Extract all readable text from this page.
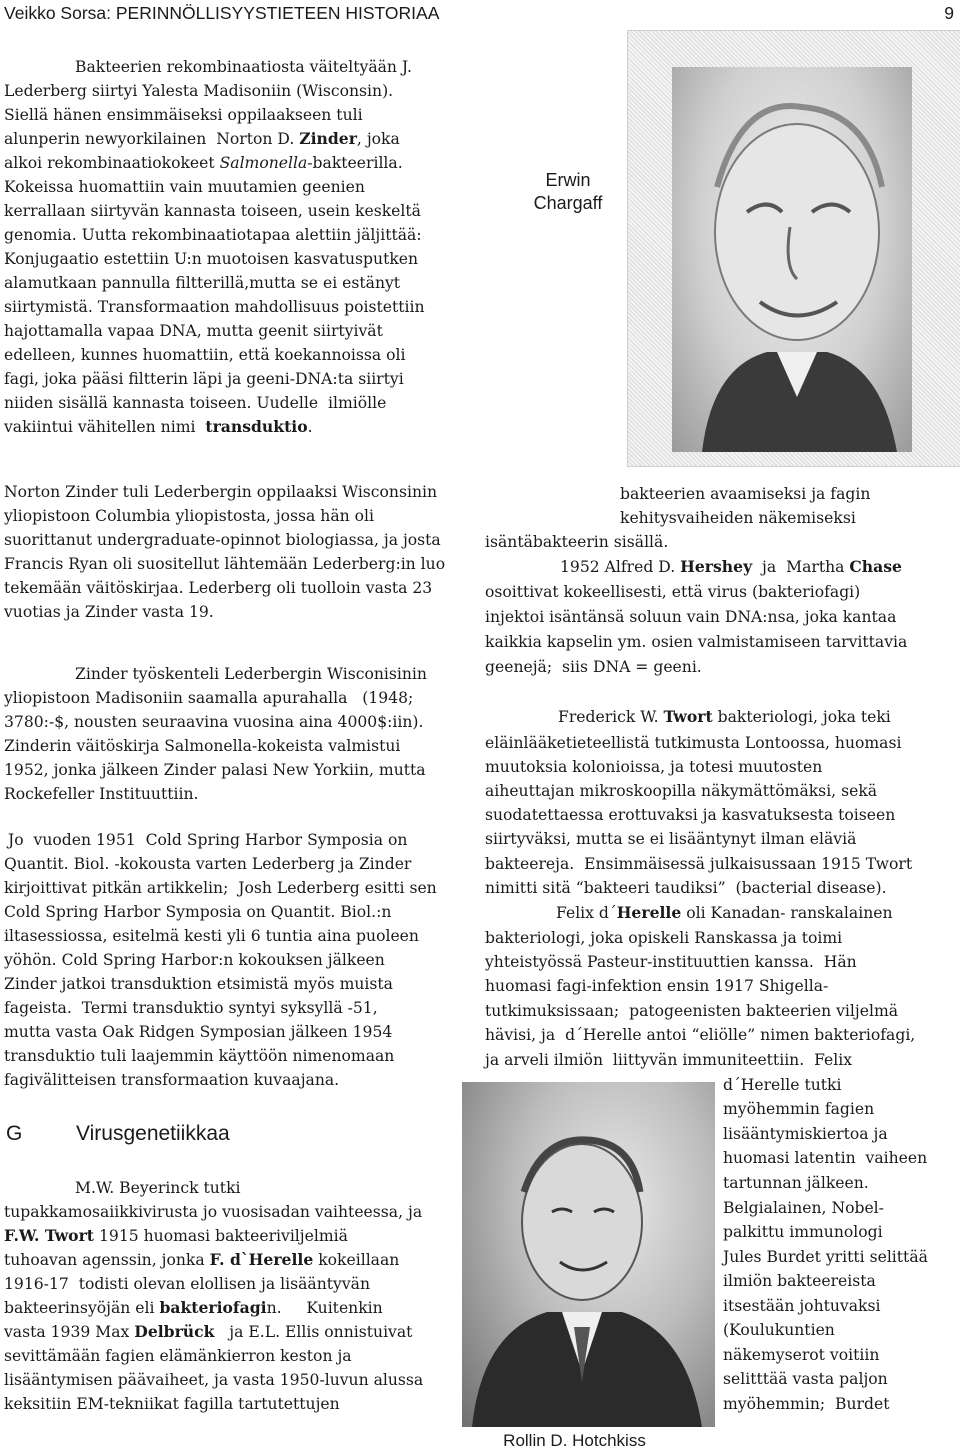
Veikko Sorsa: PERINNÖLLISYYSTIETEEN HISTORIAA	9
Erwin
Chargaff
Rollin D. Hotchkiss
Bakteerien rekombinaatiosta väiteltyään J.
Lederberg siirtyi Yalesta Madisoniin (Wisconsin).
Siellä hänen ensimmäiseksi oppilaakseen tuli
alunperin newyorkilainen  Norton D. Zinder, joka
alkoi rekombinaatiokokeet Salmonella-bakteerilla.
Kokeissa huomattiin vain muutamien geenien
kerrallaan siirtyvän kannasta toiseen, usein keskeltä
genomia. Uutta rekombinaatiotapaa alettiin jäljittää:
Konjugaatio estettiin U:n muotoisen kasvatusputken
alamutkaan pannulla filtterillä,mutta se ei estänyt
siirtymistä. Transformaation mahdollisuus poistettiin
hajottamalla vapaa DNA, mutta geenit siirtyivät
edelleen, kunnes huomattiin, että koekannoissa oli
fagi, joka pääsi filtterin läpi ja geeni-DNA:ta siirtyi
niiden sisällä kannasta toiseen. Uudelle  ilmiölle
vakiintui vähitellen nimi  transduktio.
Norton Zinder tuli Lederbergin oppilaaksi Wisconsinin
yliopistoon Columbia yliopistosta, jossa hän oli
suorittanut undergraduate-opinnot biologiassa, ja josta
Francis Ryan oli suositellut lähtemään Lederberg:in luo
tekemään väitöskirjaa. Lederberg oli tuolloin vasta 23
vuotias ja Zinder vasta 19.
Zinder työskenteli Lederbergin Wisconisinin
yliopistoon Madisoniin saamalla apurahalla   (1948;
3780:-$, nousten seuraavina vuosina aina 4000$:iin).
Zinderin väitöskirja Salmonella-kokeista valmistui
1952, jonka jälkeen Zinder palasi New Yorkiin, mutta
Rockefeller Instituuttiin.
Jo  vuoden 1951  Cold Spring Harbor Symposia on
Quantit. Biol. -kokousta varten Lederberg ja Zinder
kirjoittivat pitkän artikkelin;  Josh Lederberg esitti sen
Cold Spring Harbor Symposia on Quantit. Biol.:n
iltasessiossa, esitelmä kesti yli 6 tuntia aina puoleen
yöhön. Cold Spring Harbor:n kokouksen jälkeen
Zinder jatkoi transduktion etsimistä myös muista
fageista.  Termi transduktio syntyi syksyllä -51,
mutta vasta Oak Ridgen Symposian jälkeen 1954
transduktio tuli laajemmin käyttöön nimenomaan
fagivälitteisen transformaation kuvaajana.
G	Virusgenetiikkaa
M.W. Beyerinck tutki
tupakkamosaiikkivirusta jo vuosisadan vaihteessa, ja
F.W. Twort 1915 huomasi bakteeriviljelmiä
tuhoavan agenssin, jonka F. d`Herelle kokeillaan
1916-17  todisti olevan elollisen ja lisääntyvän
bakteerinsyöjän eli bakteriofagin.     Kuitenkin
vasta 1939 Max Delbrück   ja E.L. Ellis onnistuivat
sevittämään fagien elämänkierron keston ja
lisääntymisen päävaiheet, ja vasta 1950-luvun alussa
keksitiin EM-tekniikat fagilla tartutettujen
bakteerien avaamiseksi ja fagin
kehitysvaiheiden näkemiseksi
isäntäbakteerin sisällä.
1952 Alfred D. Hershey  ja  Martha Chase
osoittivat kokeellisesti, että virus (bakteriofagi)
injektoi isäntänsä soluun vain DNA:nsa, joka kantaa
kaikkia kapselin ym. osien valmistamiseen tarvittavia
geenejä;  siis DNA = geeni.
Frederick W. Twort bakteriologi, joka teki
eläinlääketieteellistä tutkimusta Lontoossa, huomasi
muutoksia kolonioissa, ja totesi muutosten
aiheuttajan mikroskoopilla näkymättömäksi, sekä
suodatettaessa erottuvaksi ja kasvatuksesta toiseen
siirtyväksi, mutta se ei lisääntynyt ilman eläviä
bakteereja.  Ensimmäisessä julkaisussaan 1915 Twort
nimitti sitä “bakteeri taudiksi”  (bacterial disease).
Felix d´Herelle oli Kanadan- ranskalainen
bakteriologi, joka opiskeli Ranskassa ja toimi
yhteistyössä Pasteur-instituuttien kanssa.  Hän
huomasi fagi-infektion ensin 1917 Shigella-
tutkimuksissaan;  patogeenisten bakteerien viljelmä
hävisi, ja  d´Herelle antoi “eliölle” nimen bakteriofagi,
ja arveli ilmiön  liittyvän immuniteettiin.  Felix
d´Herelle tutki
myöhemmin fagien
lisääntymiskiertoa ja
huomasi latentin  vaiheen
tartunnan jälkeen.
Belgialainen, Nobel-
palkittu immunologi
Jules Burdet yritti selittää
ilmiön bakteereista
itsestään johtuvaksi
(Koulukuntien
näkemyserot voitiin
selitttää vasta paljon
myöhemmin;  Burdet
